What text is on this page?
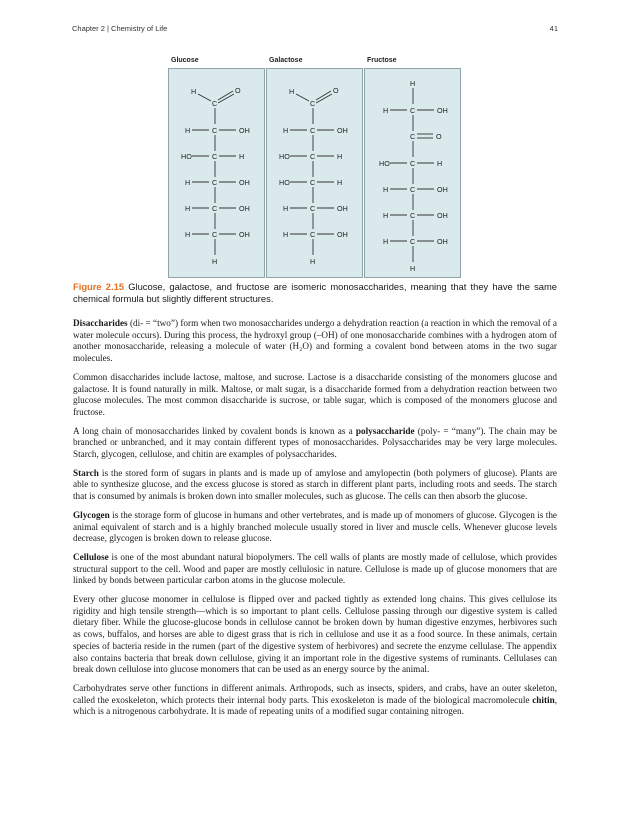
Chapter 2 | Chemistry of Life	41
Glucose	Galactose	Fructose
H
C
O
H	C	OH
HO	C	H
H	C	OH
H	C	OH
H	C	OH
H
H
C
O
H	C	OH
HO	C	H
HO	C	H
H	C	OH
H	C	OH
H
H
H	C	OH
C	O
HO	C	H
H	C	OH
H	C	OH
H	C	OH
H
Figure 2.15 Glucose, galactose, and fructose are isomeric monosaccharides, meaning that they have the same chemical formula but slightly different structures.

Disaccharides (di- = “two”) form when two monosaccharides undergo a dehydration reaction (a reaction in which the removal of a water molecule occurs). During this process, the hydroxyl group (–OH) of one monosaccharide combines with a hydrogen atom of another monosaccharide, releasing a molecule of water (H₂O) and forming a covalent bond between atoms in the two sugar molecules.

Common disaccharides include lactose, maltose, and sucrose. Lactose is a disaccharide consisting of the monomers glucose and galactose. It is found naturally in milk. Maltose, or malt sugar, is a disaccharide formed from a dehydration reaction between two glucose molecules. The most common disaccharide is sucrose, or table sugar, which is composed of the monomers glucose and fructose.

A long chain of monosaccharides linked by covalent bonds is known as a polysaccharide (poly- = “many”). The chain may be branched or unbranched, and it may contain different types of monosaccharides. Polysaccharides may be very large molecules. Starch, glycogen, cellulose, and chitin are examples of polysaccharides.

Starch is the stored form of sugars in plants and is made up of amylose and amylopectin (both polymers of glucose). Plants are able to synthesize glucose, and the excess glucose is stored as starch in different plant parts, including roots and seeds. The starch that is consumed by animals is broken down into smaller molecules, such as glucose. The cells can then absorb the glucose.

Glycogen is the storage form of glucose in humans and other vertebrates, and is made up of monomers of glucose. Glycogen is the animal equivalent of starch and is a highly branched molecule usually stored in liver and muscle cells. Whenever glucose levels decrease, glycogen is broken down to release glucose.

Cellulose is one of the most abundant natural biopolymers. The cell walls of plants are mostly made of cellulose, which provides structural support to the cell. Wood and paper are mostly cellulosic in nature. Cellulose is made up of glucose monomers that are linked by bonds between particular carbon atoms in the glucose molecule.

Every other glucose monomer in cellulose is flipped over and packed tightly as extended long chains. This gives cellulose its rigidity and high tensile strength—which is so important to plant cells. Cellulose passing through our digestive system is called dietary fiber. While the glucose-glucose bonds in cellulose cannot be broken down by human digestive enzymes, herbivores such as cows, buffalos, and horses are able to digest grass that is rich in cellulose and use it as a food source. In these animals, certain species of bacteria reside in the rumen (part of the digestive system of herbivores) and secrete the enzyme cellulase. The appendix also contains bacteria that break down cellulose, giving it an important role in the digestive systems of ruminants. Cellulases can break down cellulose into glucose monomers that can be used as an energy source by the animal.

Carbohydrates serve other functions in different animals. Arthropods, such as insects, spiders, and crabs, have an outer skeleton, called the exoskeleton, which protects their internal body parts. This exoskeleton is made of the biological macromolecule chitin, which is a nitrogenous carbohydrate. It is made of repeating units of a modified sugar containing nitrogen.
